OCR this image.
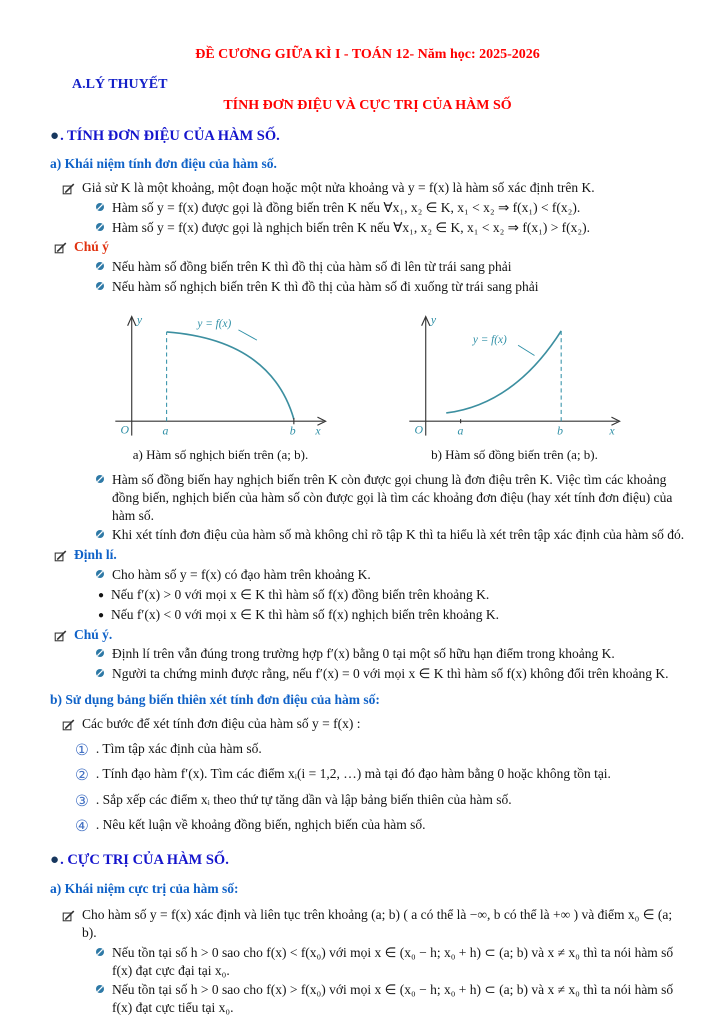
ĐỀ CƯƠNG GIỮA KÌ I - TOÁN 12- Năm học: 2025-2026
A.LÝ THUYẾT
TÍNH ĐƠN ĐIỆU VÀ CỰC TRỊ CỦA HÀM SỐ
●. TÍNH ĐƠN ĐIỆU CỦA HÀM SỐ.
a) Khái niệm tính đơn điệu của hàm số.
Giả sử K là một khoảng, một đoạn hoặc một nửa khoảng và y = f(x) là hàm số xác định trên K.
Hàm số y = f(x) được gọi là đồng biến trên K nếu ∀x₁, x₂ ∈ K, x₁ < x₂ ⇒ f(x₁) < f(x₂).
Hàm số y = f(x) được gọi là nghịch biến trên K nếu ∀x₁, x₂ ∈ K, x₁ < x₂ ⇒ f(x₁) > f(x₂).
Chú ý
Nếu hàm số đồng biến trên K thì đồ thị của hàm số đi lên từ trái sang phải
Nếu hàm số nghịch biến trên K thì đồ thị của hàm số đi xuống từ trái sang phải
O	a	b x
y	y = f(x)
a) Hàm số nghịch biến trên (a; b).
O	a	b	x
y
y = f(x)
b) Hàm số đồng biến trên (a; b).
Hàm số đồng biến hay nghịch biến trên K còn được gọi chung là đơn điệu trên K. Việc tìm các khoảng đồng biến, nghịch biến của hàm số còn được gọi là tìm các khoảng đơn điệu (hay xét tính đơn điệu) của hàm số.
Khi xét tính đơn điệu của hàm số mà không chỉ rõ tập K thì ta hiểu là xét trên tập xác định của hàm số đó.
Định lí.
Cho hàm số y = f(x) có đạo hàm trên khoảng K.
● Nếu f′(x) > 0 với mọi x ∈ K thì hàm số f(x) đồng biến trên khoảng K.
● Nếu f′(x) < 0 với mọi x ∈ K thì hàm số f(x) nghịch biến trên khoảng K.
Chú ý.
Định lí trên vẫn đúng trong trường hợp f′(x) bằng 0 tại một số hữu hạn điểm trong khoảng K.
Người ta chứng minh được rằng, nếu f′(x) = 0 với mọi x ∈ K thì hàm số f(x) không đổi trên khoảng K.
b) Sử dụng bảng biến thiên xét tính đơn điệu của hàm số:
Các bước để xét tính đơn điệu của hàm số y = f(x) :
① . Tìm tập xác định của hàm số.
② . Tính đạo hàm f′(x). Tìm các điểm xᵢ(i = 1,2, …) mà tại đó đạo hàm bằng 0 hoặc không tồn tại.
③ . Sắp xếp các điểm xᵢ theo thứ tự tăng dần và lập bảng biến thiên của hàm số.
④ . Nêu kết luận về khoảng đồng biến, nghịch biến của hàm số.
●. CỰC TRỊ CỦA HÀM SỐ.
a) Khái niệm cực trị của hàm số:
Cho hàm số y = f(x) xác định và liên tục trên khoảng (a; b) ( a có thể là −∞, b có thể là +∞ ) và điểm x₀ ∈ (a; b).
Nếu tồn tại số h > 0 sao cho f(x) < f(x₀) với mọi x ∈ (x₀ − h; x₀ + h) ⊂ (a; b) và x ≠ x₀ thì ta nói hàm số f(x) đạt cực đại tại x₀.
Nếu tồn tại số h > 0 sao cho f(x) > f(x₀) với mọi x ∈ (x₀ − h; x₀ + h) ⊂ (a; b) và x ≠ x₀ thì ta nói hàm số f(x) đạt cực tiểu tại x₀.
